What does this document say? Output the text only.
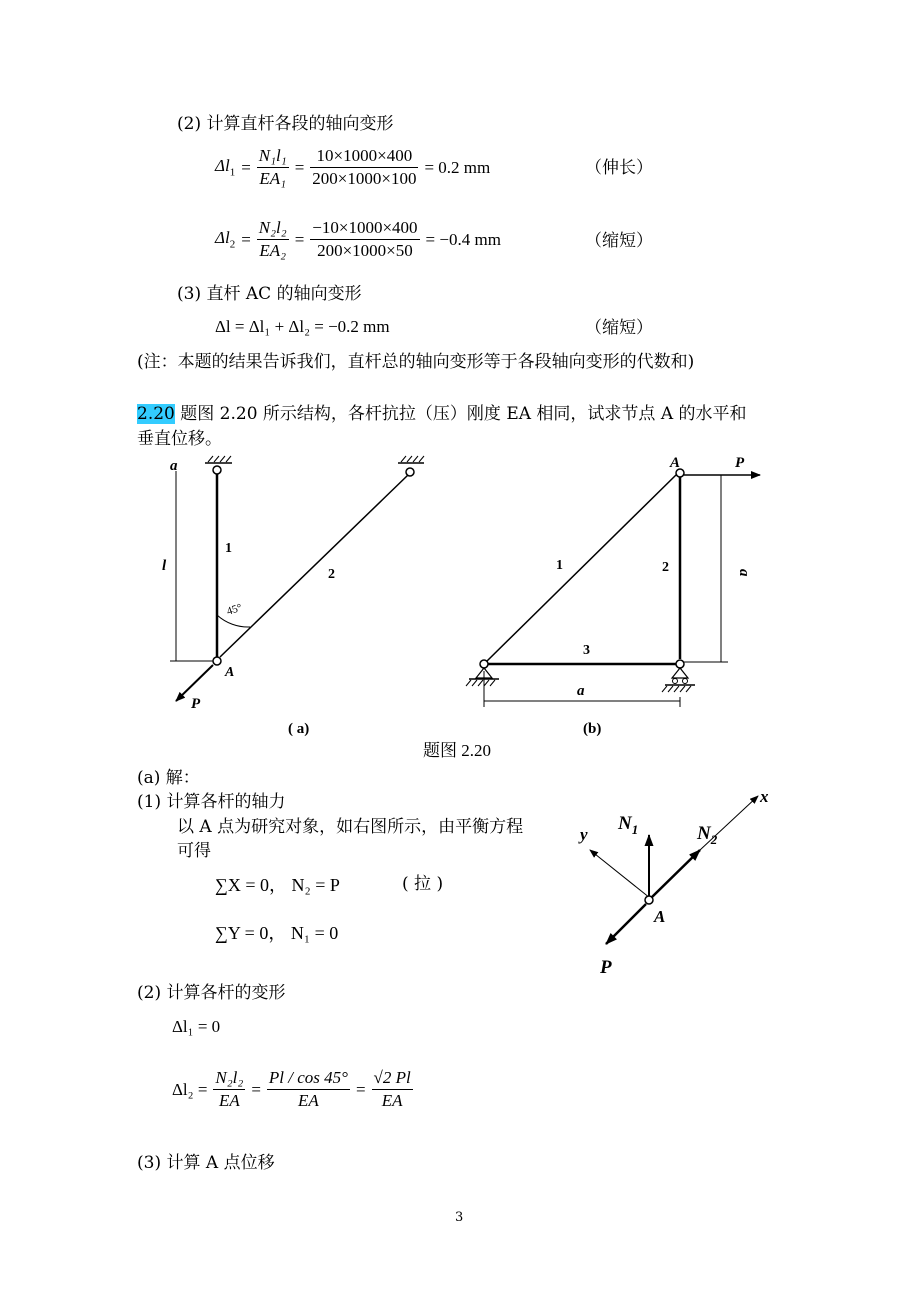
(2) 计算直杆各段的轴向变形
$\Delta l_1 = \frac{\text{N₁l₁}}{\text{EA₁}} = \frac{10\times 1000\times 400}{200\times 1000\times 100} = 0.2$ mm	（伸长）
$\Delta l_2 = \frac{\text{N₂l₂}}{\text{EA₂}} = \frac{-10\times 1000\times 400}{200\times 1000\times 50} = -0.4$ mm	（缩短）
(3) 直杆 AC 的轴向变形
Δl = Δl₁ + Δl₂ = −0.2 mm	（缩短）
(注：本题的结果告诉我们，直杆总的轴向变形等于各段轴向变形的代数和)
2.20 题图 2.20 所示结构，各杆抗拉（压）刚度 EA 相同，试求节点 A 的水平和
垂直位移。
a
l
1
2
45°
A
P
( a)
A	P
1	2
3
a
a
(b)
题图 2.20
(a) 解：
(1) 计算各杆的轴力
以 A 点为研究对象，如右图所示，由平衡方程
可得
∑X = 0， N₂ = P	( 拉 )
∑Y = 0， N₁ = 0
(2) 计算各杆的变形
Δl₁ = 0
$\Delta l_2 = \frac{\text{N₂l₂}}{EA} = \frac{Pl / \cos 45^\circ}{EA} = \frac{√2 Pl}{EA}$
(3) 计算 A 点位移
y
x
$N_1$	$N_2$
A
P
3
